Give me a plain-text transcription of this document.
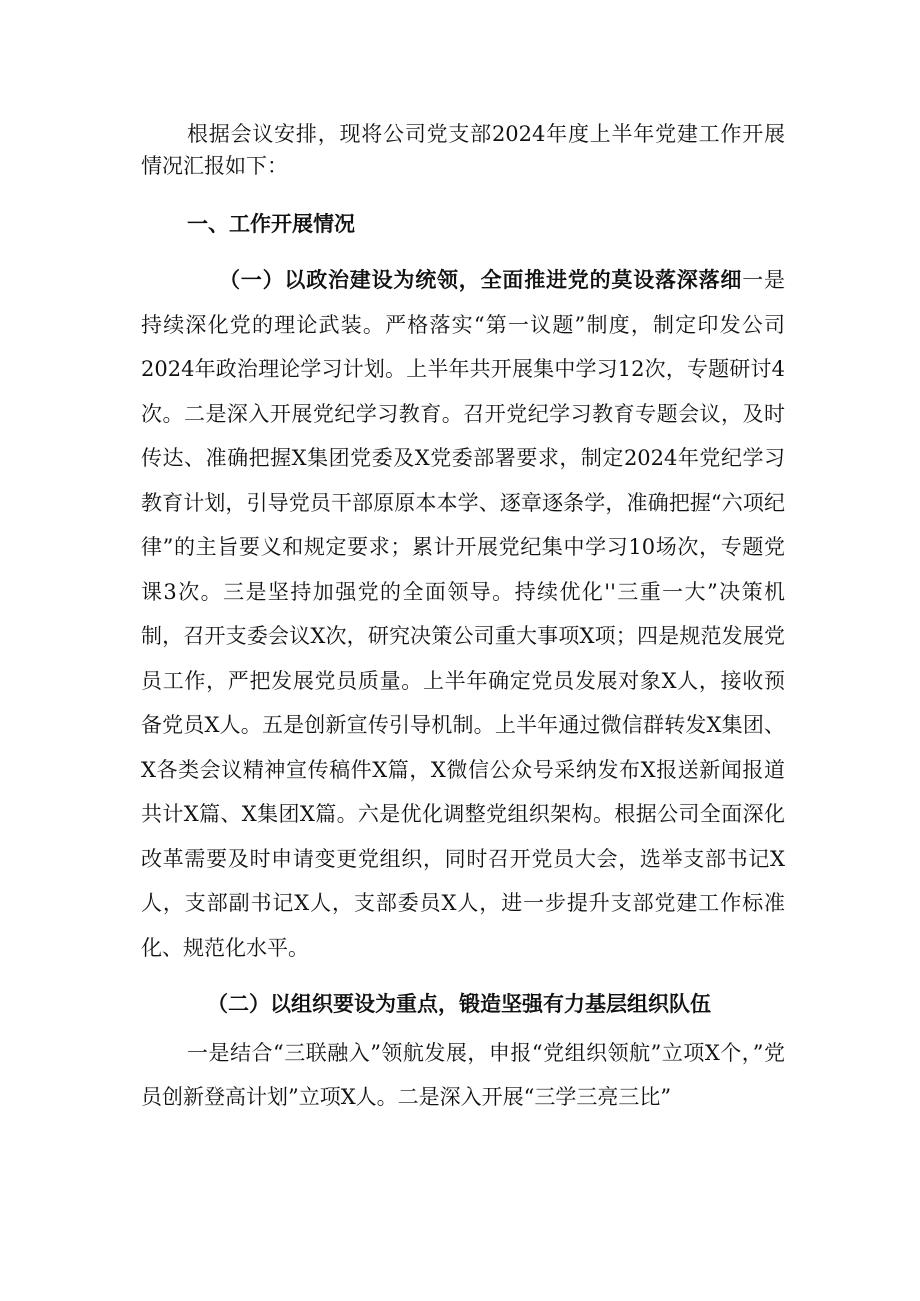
根据会议安排，现将公司党支部2024年度上半年党建工作开展情况汇报如下：

一、工作开展情况

（一）以政治建设为统领，全面推进党的莫设落深落细一是持续深化党的理论武装。严格落实“第一议题”制度，制定印发公司2024年政治理论学习计划。上半年共开展集中学习12次，专题研讨4次。二是深入开展党纪学习教育。召开党纪学习教育专题会议，及时传达、准确把握X集团党委及X党委部署要求，制定2024年党纪学习教育计划，引导党员干部原原本本学、逐章逐条学，准确把握“六项纪律”的主旨要义和规定要求；累计开展党纪集中学习10场次，专题党课3次。三是坚持加强党的全面领导。持续优化''三重一大”决策机制，召开支委会议X次，研究决策公司重大事项X项；四是规范发展党员工作，严把发展党员质量。上半年确定党员发展对象X人，接收预备党员X人。五是创新宣传引导机制。上半年通过微信群转发X集团、X各类会议精神宣传稿件X篇，X微信公众号采纳发布X报送新闻报道共计X篇、X集团X篇。六是优化调整党组织架构。根据公司全面深化改革需要及时申请变更党组织，同时召开党员大会，选举支部书记X人，支部副书记X人，支部委员X人，进一步提升支部党建工作标准化、规范化水平。

（二）以组织要设为重点，锻造坚强有力基层组织队伍

一是结合“三联融入”领航发展，申报“党组织领航”立项X个，”党员创新登高计划”立项X人。二是深入开展“三学三亮三比”
